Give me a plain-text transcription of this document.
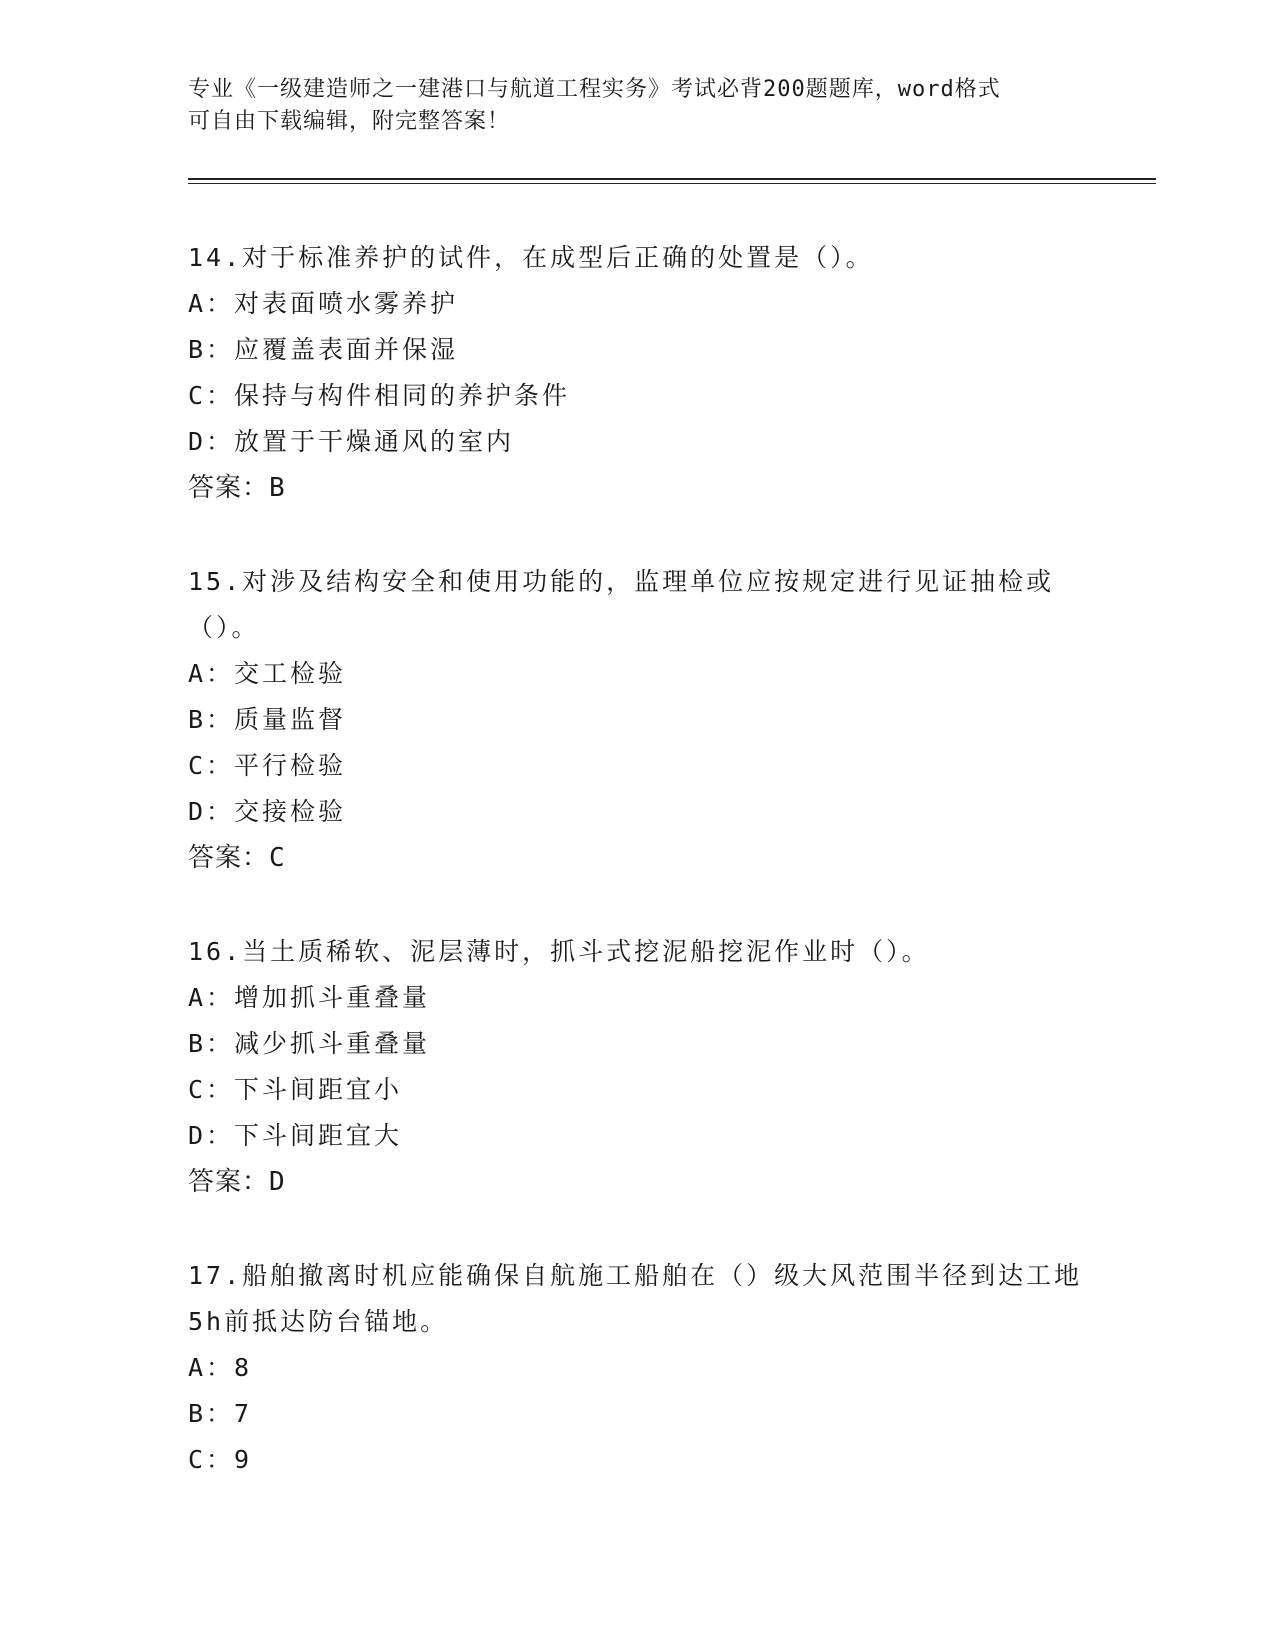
专业《一级建造师之一建港口与航道工程实务》考试必背200题题库，word格式
可自由下载编辑，附完整答案！

14.对于标准养护的试件，在成型后正确的处置是（）。

A：对表面喷水雾养护

B：应覆盖表面并保湿

C：保持与构件相同的养护条件

D：放置于干燥通风的室内

答案：B

15.对涉及结构安全和使用功能的，监理单位应按规定进行见证抽检或（）。

A：交工检验

B：质量监督

C：平行检验

D：交接检验

答案：C

16.当土质稀软、泥层薄时，抓斗式挖泥船挖泥作业时（）。

A：增加抓斗重叠量

B：减少抓斗重叠量

C：下斗间距宜小

D：下斗间距宜大

答案：D

17.船舶撤离时机应能确保自航施工船舶在（）级大风范围半径到达工地5h前抵达防台锚地。

A：8

B：7

C：9
